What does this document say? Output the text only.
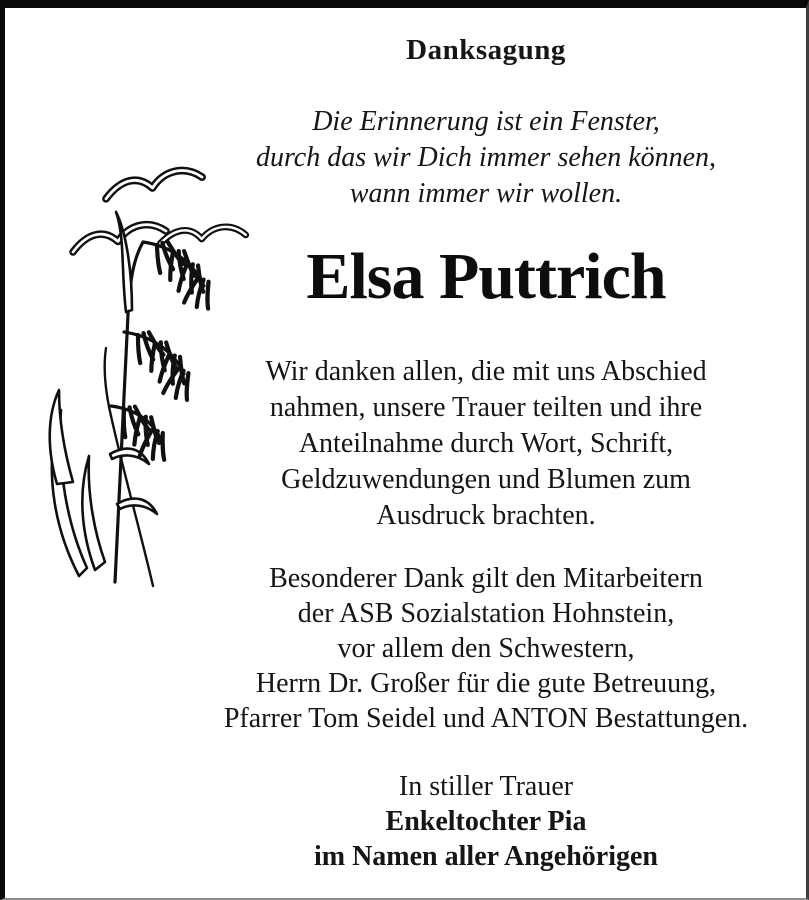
Danksagung
Die Erinnerung ist ein Fenster,
durch das wir Dich immer sehen können,
wann immer wir wollen.
Elsa Puttrich
Wir danken allen, die mit uns Abschied
nahmen, unsere Trauer teilten und ihre
Anteilnahme durch Wort, Schrift,
Geldzuwendungen und Blumen zum
Ausdruck brachten.
Besonderer Dank gilt den Mitarbeitern
der ASB Sozialstation Hohnstein,
vor allem den Schwestern,
Herrn Dr. Großer für die gute Betreuung,
Pfarrer Tom Seidel und ANTON Bestattungen.
In stiller Trauer
Enkeltochter Pia
im Namen aller Angehörigen
